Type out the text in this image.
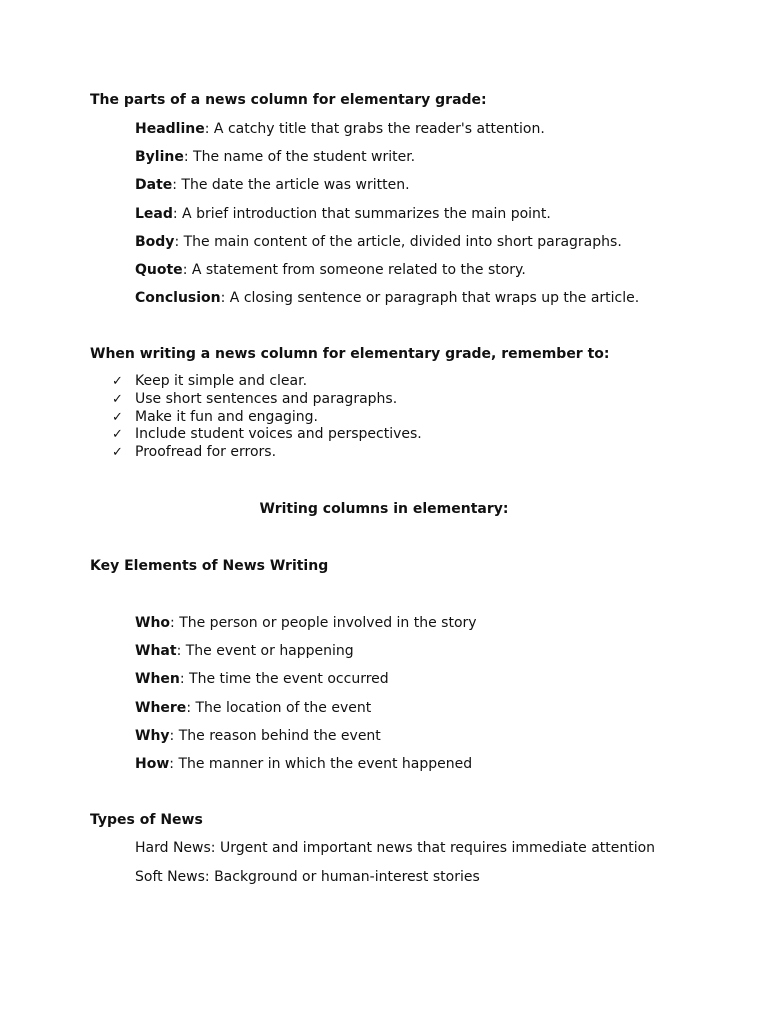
The parts of a news column for elementary grade:
Headline: A catchy title that grabs the reader's attention.
Byline: The name of the student writer.
Date: The date the article was written.
Lead: A brief introduction that summarizes the main point.
Body: The main content of the article, divided into short paragraphs.
Quote: A statement from someone related to the story.
Conclusion: A closing sentence or paragraph that wraps up the article.
When writing a news column for elementary grade, remember to:
✓ Keep it simple and clear.
✓ Use short sentences and paragraphs.
✓ Make it fun and engaging.
✓ Include student voices and perspectives.
✓ Proofread for errors.
Writing columns in elementary:
Key Elements of News Writing
Who: The person or people involved in the story
What: The event or happening
When: The time the event occurred
Where: The location of the event
Why: The reason behind the event
How: The manner in which the event happened
Types of News
Hard News: Urgent and important news that requires immediate attention
Soft News: Background or human-interest stories
